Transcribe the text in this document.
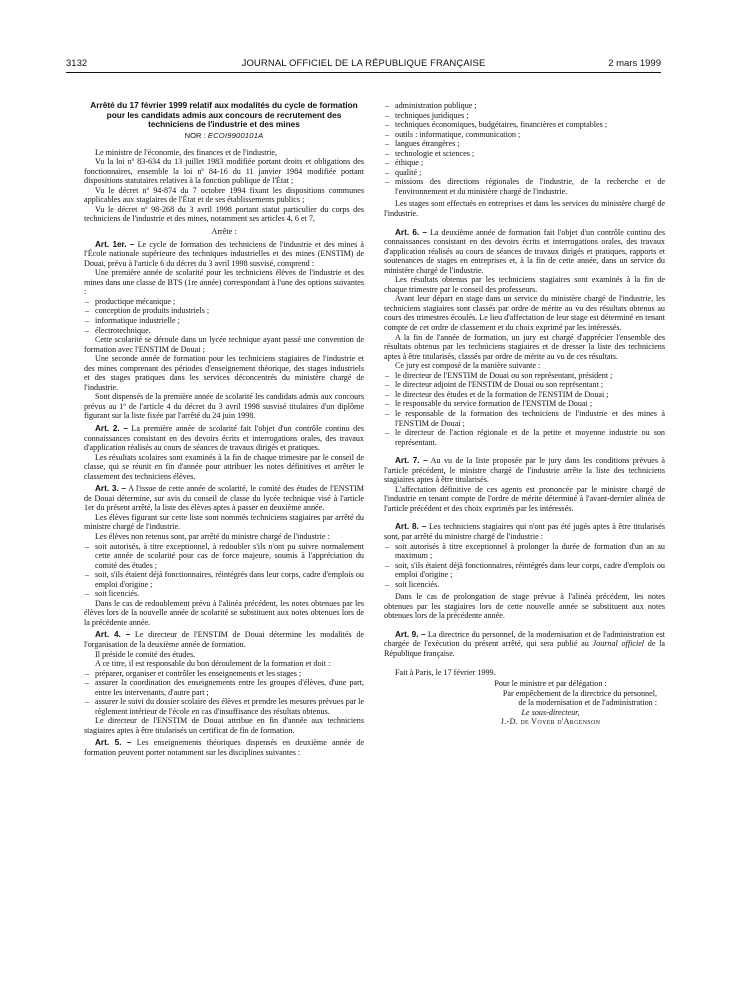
3132	JOURNAL OFFICIEL DE LA RÉPUBLIQUE FRANÇAISE	2 mars 1999
Arrêté du 17 février 1999 relatif aux modalités du cycle de formation pour les candidats admis aux concours de recrutement des techniciens de l'industrie et des mines
NOR : ECOI9900101A

Le ministre de l'économie, des finances et de l'industrie,

Vu la loi nº 83-634 du 13 juillet 1983 modifiée portant droits et obligations des fonctionnaires, ensemble la loi nº 84-16 du 11 janvier 1984 modifiée portant dispositions statutaires relatives à la fonction publique de l'État ;

Vu le décret nº 94-874 du 7 octobre 1994 fixant les dispositions communes applicables aux stagiaires de l'État et de ses établissements publics ;

Vu le décret nº 98-268 du 3 avril 1998 portant statut particulier du corps des techniciens de l'industrie et des mines, notamment ses articles 4, 6 et 7,

Arrête :

Art. 1er. – Le cycle de formation des techniciens de l'industrie et des mines à l'École nationale supérieure des techniques industrielles et des mines (ENSTIM) de Douai, prévu à l'article 6 du décret du 3 avril 1998 susvisé, comprend :

Une première année de scolarité pour les techniciens élèves de l'industrie et des mines dans une classe de BTS (1re année) correspondant à l'une des options suivantes :

– productique mécanique ;
– conception de produits industriels ;
– informatique industrielle ;
– électrotechnique.

Cette scolarité se déroule dans un lycée technique ayant passé une convention de formation avec l'ENSTIM de Douai ;

Une seconde année de formation pour les techniciens stagiaires de l'industrie et des mines comprenant des périodes d'enseignement théorique, des stages industriels et des stages pratiques dans les services déconcentrés du ministère chargé de l'industrie.

Sont dispensés de la première année de scolarité les candidats admis aux concours prévus au 1º de l'article 4 du décret du 3 avril 1998 susvisé titulaires d'un diplôme figurant sur la liste fixée par l'arrêté du 24 juin 1998.

Art. 2. – La première année de scolarité fait l'objet d'un contrôle continu des connaissances consistant en des devoirs écrits et interrogations orales, des travaux d'application réalisés au cours de séances de travaux dirigés et pratiques.

Les résultats scolaires sont examinés à la fin de chaque trimestre par le conseil de classe, qui se réunit en fin d'année pour attribuer les notes définitives et arrêter le classement des techniciens élèves.

Art. 3. – A l'issue de cette année de scolarité, le comité des études de l'ENSTIM de Douai détermine, sur avis du conseil de classe du lycée technique visé à l'article 1er du présent arrêté, la liste des élèves aptes à passer en deuxième année.

Les élèves figurant sur cette liste sont nommés techniciens stagiaires par arrêté du ministre chargé de l'industrie.

Les élèves non retenus sont, par arrêté du ministre chargé de l'industrie :

– soit autorisés, à titre exceptionnel, à redoubler s'ils n'ont pu suivre normalement cette année de scolarité pour cas de force majeure, soumis à l'appréciation du comité des études ;
– soit, s'ils étaient déjà fonctionnaires, réintégrés dans leur corps, cadre d'emplois ou emploi d'origine ;
– soit licenciés.

Dans le cas de redoublement prévu à l'alinéa précédent, les notes obtenues par les élèves lors de la nouvelle année de scolarité se substituent aux notes obtenues lors de la précédente année.

Art. 4. – Le directeur de l'ENSTIM de Douai détermine les modalités de l'organisation de la deuxième année de formation.

Il préside le comité des études.

A ce titre, il est responsable du bon déroulement de la formation et doit :

– préparer, organiser et contrôler les enseignements et les stages ;
– assurer la coordination des enseignements entre les groupes d'élèves, d'une part, entre les intervenants, d'autre part ;
– assurer le suivi du dossier scolaire des élèves et prendre les mesures prévues par le règlement intérieur de l'école en cas d'insuffisance des résultats obtenus.

Le directeur de l'ENSTIM de Douai attribue en fin d'année aux techniciens stagiaires aptes à être titularisés un certificat de fin de formation.

Art. 5. – Les enseignements théoriques dispensés en deuxième année de formation peuvent porter notamment sur les disciplines suivantes :

– administration publique ;
– techniques juridiques ;
– techniques économiques, budgétaires, financières et comptables ;
– outils : informatique, communication ;
– langues étrangères ;
– technologie et sciences ;
– éthique ;
– qualité ;
– missions des directions régionales de l'industrie, de la recherche et de l'environnement et du ministère chargé de l'industrie.

Les stages sont effectués en entreprises et dans les services du ministère chargé de l'industrie.

Art. 6. – La deuxième année de formation fait l'objet d'un contrôle continu des connaissances consistant en des devoirs écrits et interrogations orales, des travaux d'application réalisés au cours de séances de travaux dirigés et pratiques, rapports et soutenances de stages en entreprises et, à la fin de cette année, dans un service du ministère chargé de l'industrie.

Les résultats obtenus par les techniciens stagiaires sont examinés à la fin de chaque trimestre par le conseil des professeurs.

Avant leur départ en stage dans un service du ministère chargé de l'industrie, les techniciens stagiaires sont classés par ordre de mérite au vu des résultats obtenus au cours des trimestres écoulés. Le lieu d'affectation de leur stage est déterminé en tenant compte de cet ordre de classement et du choix exprimé par les intéressés.

A la fin de l'année de formation, un jury est chargé d'apprécier l'ensemble des résultats obtenus par les techniciens stagiaires et de dresser la liste des techniciens aptes à être titularisés, classés par ordre de mérite au vu de ces résultats.

Ce jury est composé de la manière suivante :

– le directeur de l'ENSTIM de Douai ou son représentant, président ;
– le directeur adjoint de l'ENSTIM de Douai ou son représentant ;
– le directeur des études et de la formation de l'ENSTIM de Douai ;
– le responsable du service formation de l'ENSTIM de Douai ;
– le responsable de la formation des techniciens de l'industrie et des mines à l'ENSTIM de Douai ;
– le directeur de l'action régionale et de la petite et moyenne industrie ou son représentant.

Art. 7. – Au vu de la liste proposée par le jury dans les conditions prévues à l'article précédent, le ministre chargé de l'industrie arrête la liste des techniciens stagiaires aptes à être titularisés.

L'affectation définitive de ces agents est prononcée par le ministre chargé de l'industrie en tenant compte de l'ordre de mérite déterminé à l'avant-dernier alinéa de l'article précédent et des choix exprimés par les intéressés.

Art. 8. – Les techniciens stagiaires qui n'ont pas été jugés aptes à être titularisés sont, par arrêté du ministre chargé de l'industrie :

– soit autorisés à titre exceptionnel à prolonger la durée de formation d'un an au maximum ;
– soit, s'ils étaient déjà fonctionnaires, réintégrés dans leur corps, cadre d'emplois ou emploi d'origine ;
– soit licenciés.

Dans le cas de prolongation de stage prévue à l'alinéa précédent, les notes obtenues par les stagiaires lors de cette nouvelle année se substituent aux notes obtenues lors de la précédente année.

Art. 9. – La directrice du personnel, de la modernisation et de l'administration est chargée de l'exécution du présent arrêté, qui sera publié au Journal officiel de la République française.

Fait à Paris, le 17 février 1999.

Pour le ministre et par délégation :
Par empêchement de la directrice du personnel,
de la modernisation et de l'administration :
Le sous-directeur,
J.-D. de Voyer d'Argenson
